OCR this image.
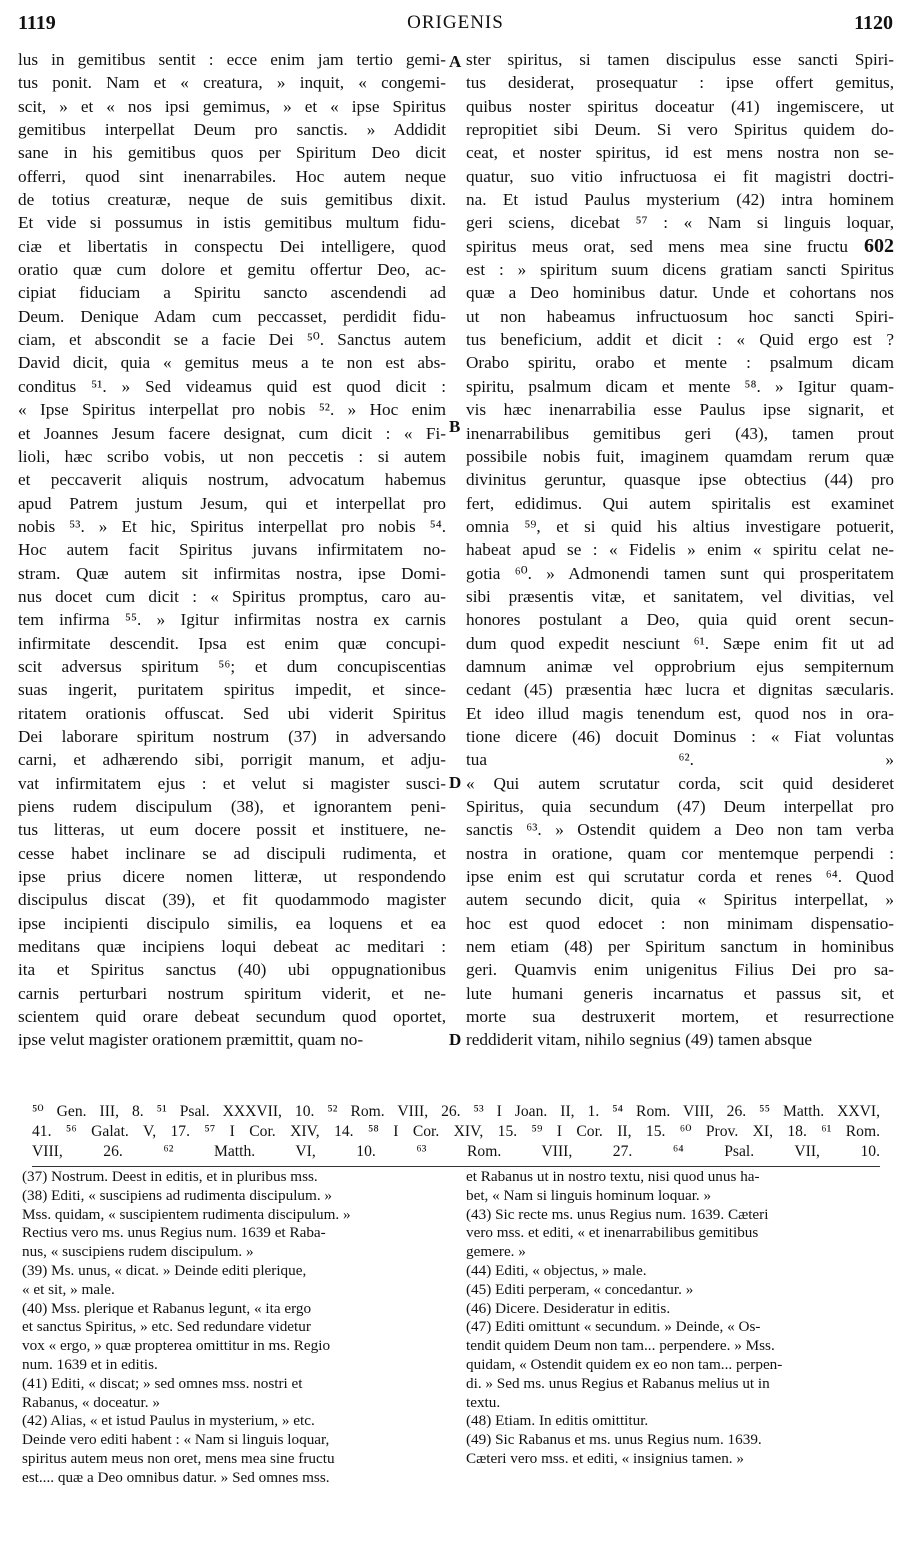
1119	ORIGENIS	1120
A
B
D
D

lus in gemitibus sentit : ecce enim jam tertio gemi-

tus ponit. Nam et « creatura, » inquit, « congemi-

scit, » et « nos ipsi gemimus, » et « ipse Spiritus

gemitibus interpellat Deum pro sanctis. » Addidit

sane in his gemitibus quos per Spiritum Deo dicit

offerri, quod sint inenarrabiles. Hoc autem neque

de totius creaturæ, neque de suis gemitibus dixit.

Et vide si possumus in istis gemitibus multum fidu-

ciæ et libertatis in conspectu Dei intelligere, quod

oratio quæ cum dolore et gemitu offertur Deo, ac-

cipiat fiduciam a Spiritu sancto ascendendi ad

Deum. Denique Adam cum peccasset, perdidit fidu-

ciam, et abscondit se a facie Dei ⁵⁰. Sanctus autem

David dicit, quia « gemitus meus a te non est abs-

conditus ⁵¹. » Sed videamus quid est quod dicit :

« Ipse Spiritus interpellat pro nobis ⁵². » Hoc enim

et Joannes Jesum facere designat, cum dicit : « Fi-

lioli, hæc scribo vobis, ut non peccetis : si autem

et peccaverit aliquis nostrum, advocatum habemus

apud Patrem justum Jesum, qui et interpellat pro

nobis ⁵³. » Et hic, Spiritus interpellat pro nobis ⁵⁴.

Hoc autem facit Spiritus juvans infirmitatem no-

stram. Quæ autem sit infirmitas nostra, ipse Domi-

nus docet cum dicit : « Spiritus promptus, caro au-

tem infirma ⁵⁵. » Igitur infirmitas nostra ex carnis

infirmitate descendit. Ipsa est enim quæ concupi-

scit adversus spiritum ⁵⁶; et dum concupiscentias

suas ingerit, puritatem spiritus impedit, et since-

ritatem orationis offuscat. Sed ubi viderit Spiritus

Dei laborare spiritum nostrum (37) in adversando

carni, et adhærendo sibi, porrigit manum, et adju-

vat infirmitatem ejus : et velut si magister susci-

piens rudem discipulum (38), et ignorantem peni-

tus litteras, ut eum docere possit et instituere, ne-

cesse habet inclinare se ad discipuli rudimenta, et

ipse prius dicere nomen litteræ, ut respondendo

discipulus discat (39), et fit quodammodo magister

ipse incipienti discipulo similis, ea loquens et ea

meditans quæ incipiens loqui debeat ac meditari :

ita et Spiritus sanctus (40) ubi oppugnationibus

carnis perturbari nostrum spiritum viderit, et ne-

scientem quid orare debeat secundum quod oportet,

ipse velut magister orationem præmittit, quam no-

ster spiritus, si tamen discipulus esse sancti Spiri-

tus desiderat, prosequatur : ipse offert gemitus,

quibus noster spiritus doceatur (41) ingemiscere, ut

repropitiet sibi Deum. Si vero Spiritus quidem do-

ceat, et noster spiritus, id est mens nostra non se-

quatur, suo vitio infructuosa ei fit magistri doctri-

na. Et istud Paulus mysterium (42) intra hominem

geri sciens, dicebat ⁵⁷ : « Nam si linguis loquar,

spiritus meus orat, sed mens mea sine fructu 602

est : » spiritum suum dicens gratiam sancti Spiritus

quæ a Deo hominibus datur. Unde et cohortans nos

ut non habeamus infructuosum hoc sancti Spiri-

tus beneficium, addit et dicit : « Quid ergo est ?

Orabo spiritu, orabo et mente : psalmum dicam

spiritu, psalmum dicam et mente ⁵⁸. » Igitur quam-

vis hæc inenarrabilia esse Paulus ipse signarit, et

inenarrabilibus gemitibus geri (43), tamen prout

possibile nobis fuit, imaginem quamdam rerum quæ

divinitus geruntur, quasque ipse obtectius (44) pro

fert, edidimus. Qui autem spiritalis est examinet

omnia ⁵⁹, et si quid his altius investigare potuerit,

habeat apud se : « Fidelis » enim « spiritu celat ne-

gotia ⁶⁰. » Admonendi tamen sunt qui prosperitatem

sibi præsentis vitæ, et sanitatem, vel divitias, vel

honores postulant a Deo, quia quid orent secun-

dum quod expedit nesciunt ⁶¹. Sæpe enim fit ut ad

damnum animæ vel opprobrium ejus sempiternum

cedant (45) præsentia hæc lucra et dignitas sæcularis.

Et ideo illud magis tenendum est, quod nos in ora-

tione dicere (46) docuit Dominus : « Fiat voluntas

tua ⁶². »

« Qui autem scrutatur corda, scit quid desideret

Spiritus, quia secundum (47) Deum interpellat pro

sanctis ⁶³. » Ostendit quidem a Deo non tam verba

nostra in oratione, quam cor mentemque perpendi :

ipse enim est qui scrutatur corda et renes ⁶⁴. Quod

autem secundo dicit, quia « Spiritus interpellat, »

hoc est quod edocet : non minimam dispensatio-

nem etiam (48) per Spiritum sanctum in hominibus

geri. Quamvis enim unigenitus Filius Dei pro sa-

lute humani generis incarnatus et passus sit, et

morte sua destruxerit mortem, et resurrectione

reddiderit vitam, nihilo segnius (49) tamen absque

⁵⁰ Gen. III, 8. ⁵¹ Psal. XXXVII, 10. ⁵² Rom. VIII, 26. ⁵³ I Joan. II, 1. ⁵⁴ Rom. VIII, 26. ⁵⁵ Matth. XXVI,

41. ⁵⁶ Galat. V, 17. ⁵⁷ I Cor. XIV, 14. ⁵⁸ I Cor. XIV, 15. ⁵⁹ I Cor. II, 15. ⁶⁰ Prov. XI, 18. ⁶¹ Rom.

VIII, 26. ⁶² Matth. VI, 10. ⁶³ Rom. VIII, 27. ⁶⁴ Psal. VII, 10.

(37) Nostrum. Deest in editis, et in pluribus mss.

(38) Editi, « suscipiens ad rudimenta discipulum. »

Mss. quidam, « suscipientem rudimenta discipulum. »

Rectius vero ms. unus Regius num. 1639 et Raba-

nus, « suscipiens rudem discipulum. »

(39) Ms. unus, « dicat. » Deinde editi plerique,

« et sit, » male.

(40) Mss. plerique et Rabanus legunt, « ita ergo

et sanctus Spiritus, » etc. Sed redundare videtur

vox « ergo, » quæ propterea omittitur in ms. Regio

num. 1639 et in editis.

(41) Editi, « discat; » sed omnes mss. nostri et

Rabanus, « doceatur. »

(42) Alias, « et istud Paulus in mysterium, » etc.

Deinde vero editi habent : « Nam si linguis loquar,

spiritus autem meus non oret, mens mea sine fructu

est.... quæ a Deo omnibus datur. » Sed omnes mss.

et Rabanus ut in nostro textu, nisi quod unus ha-

bet, « Nam si linguis hominum loquar. »

(43) Sic recte ms. unus Regius num. 1639. Cæteri

vero mss. et editi, « et inenarrabilibus gemitibus

gemere. »

(44) Editi, « objectus, » male.

(45) Editi perperam, « concedantur. »

(46) Dicere. Desideratur in editis.

(47) Editi omittunt « secundum. » Deinde, « Os-

tendit quidem Deum non tam... perpendere. » Mss.

quidam, « Ostendit quidem ex eo non tam... perpen-

di. » Sed ms. unus Regius et Rabanus melius ut in

textu.

(48) Etiam. In editis omittitur.

(49) Sic Rabanus et ms. unus Regius num. 1639.

Cæteri vero mss. et editi, « insignius tamen. »
